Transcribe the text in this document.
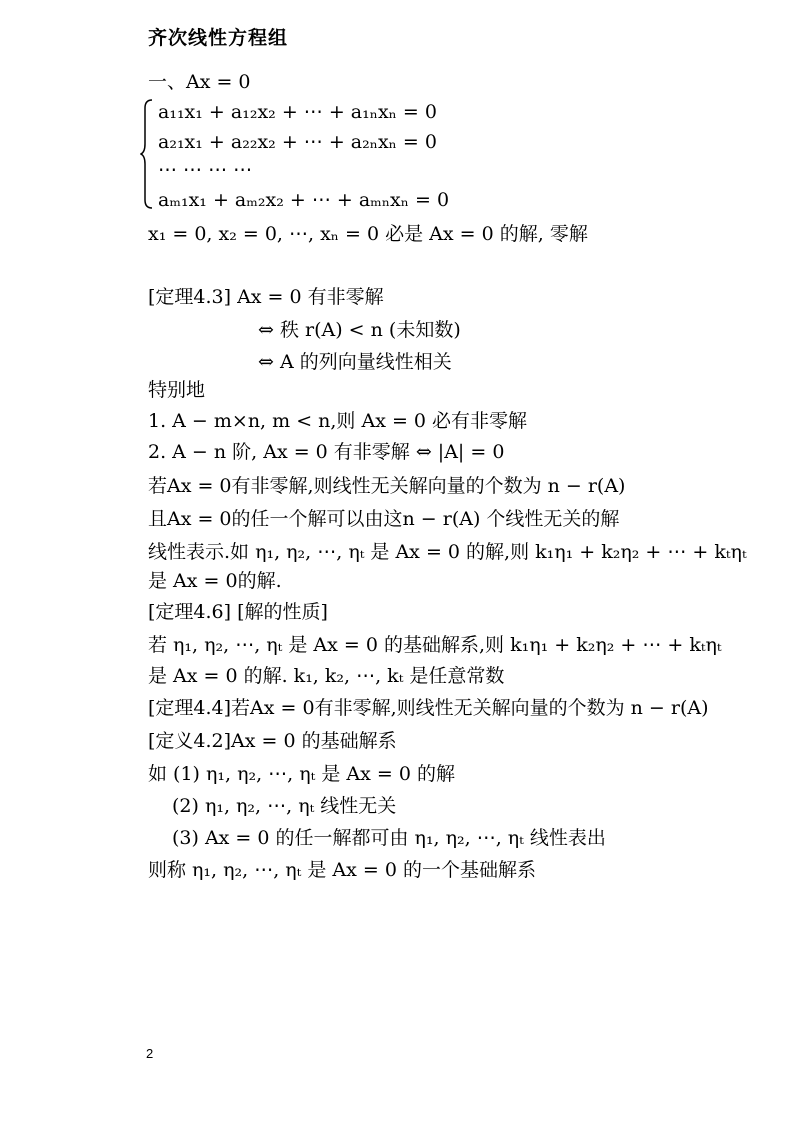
齐次线性方程组
一、Ax = 0
a₁₁x₁ + a₁₂x₂ + ⋯ + a₁ₙxₙ = 0
a₂₁x₁ + a₂₂x₂ + ⋯ + a₂ₙxₙ = 0
⋯ ⋯ ⋯ ⋯
aₘ₁x₁ + aₘ₂x₂ + ⋯ + aₘₙxₙ = 0
x₁ = 0, x₂ = 0, ⋯, xₙ = 0 必是 Ax = 0 的解, 零解
[定理4.3] Ax = 0 有非零解
⇔ 秩 r(A) < n (未知数)
⇔ A 的列向量线性相关
特别地
1. A − m×n, m < n,则 Ax = 0 必有非零解
2. A − n 阶, Ax = 0 有非零解 ⇔ |A| = 0
若Ax = 0有非零解,则线性无关解向量的个数为 n − r(A)
且Ax = 0的任一个解可以由这n − r(A) 个线性无关的解
线性表示.如 η₁, η₂, ⋯, ηₜ 是 Ax = 0 的解,则 k₁η₁ + k₂η₂ + ⋯ + kₜηₜ
是 Ax = 0的解.
[定理4.6] [解的性质]
若 η₁, η₂, ⋯, ηₜ 是 Ax = 0 的基础解系,则 k₁η₁ + k₂η₂ + ⋯ + kₜηₜ
是 Ax = 0 的解. k₁, k₂, ⋯, kₜ 是任意常数
[定理4.4]若Ax = 0有非零解,则线性无关解向量的个数为 n − r(A)
[定义4.2]Ax = 0 的基础解系
如 (1) η₁, η₂, ⋯, ηₜ 是 Ax = 0 的解
(2) η₁, η₂, ⋯, ηₜ 线性无关
(3) Ax = 0 的任一解都可由 η₁, η₂, ⋯, ηₜ 线性表出
则称 η₁, η₂, ⋯, ηₜ 是 Ax = 0 的一个基础解系
2
